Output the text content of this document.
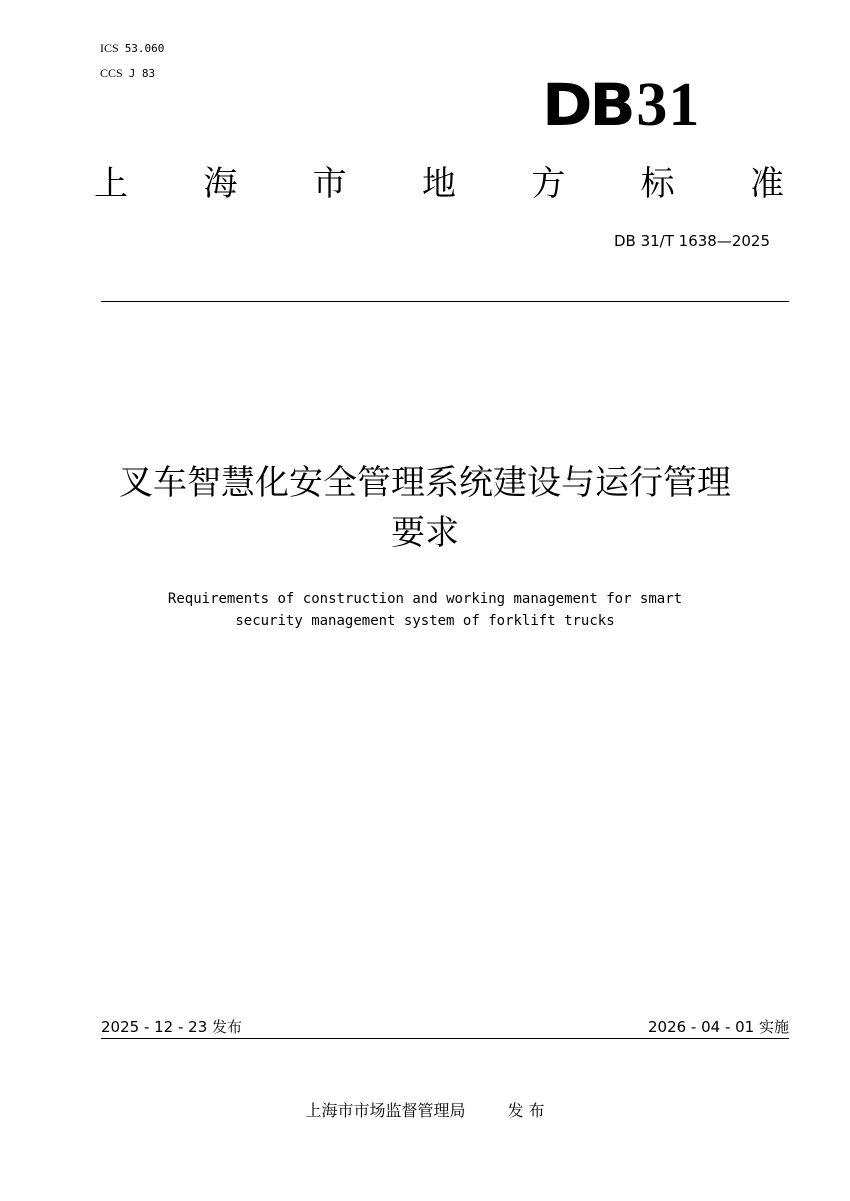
ICS 53.060
CCS J 83	DB 31
上 海 市 地 方 标 准
DB 31/T 1638—2025
叉车智慧化安全管理系统建设与运行管理
要求
Requirements of construction and working management for smart
security management system of forklift trucks
2025 - 12 - 23 发布	2026 - 04 - 01 实施
上海市市场监督管理局	发 布
